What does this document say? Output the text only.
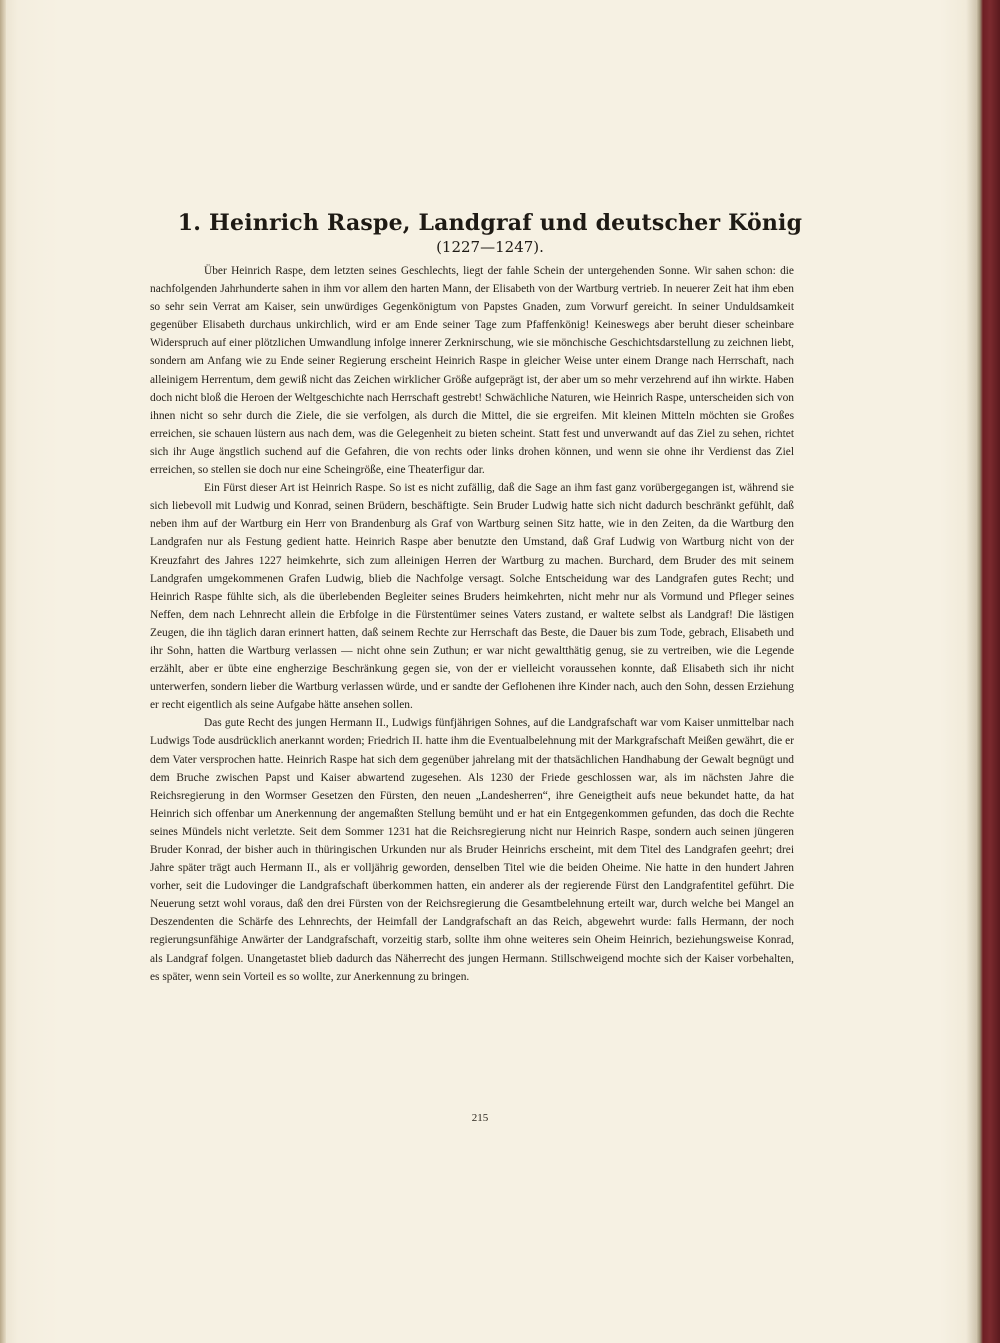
1. Heinrich Raspe, Landgraf und deutscher König
(1227—1247).

Über Heinrich Raspe, dem letzten seines Geschlechts, liegt der fahle Schein der untergehenden Sonne. Wir sahen schon: die nachfolgenden Jahrhunderte sahen in ihm vor allem den harten Mann, der Elisabeth von der Wartburg vertrieb. In neuerer Zeit hat ihm eben so sehr sein Verrat am Kaiser, sein unwürdiges Gegenkönigtum von Papstes Gnaden, zum Vorwurf gereicht. In seiner Unduldsamkeit gegenüber Elisabeth durchaus unkirchlich, wird er am Ende seiner Tage zum Pfaffenkönig! Keineswegs aber beruht dieser scheinbare Widerspruch auf einer plötzlichen Umwandlung infolge innerer Zerknirschung, wie sie mönchische Geschichtsdarstellung zu zeichnen liebt, sondern am Anfang wie zu Ende seiner Regierung erscheint Heinrich Raspe in gleicher Weise unter einem Drange nach Herrschaft, nach alleinigem Herrentum, dem gewiß nicht das Zeichen wirklicher Größe aufgeprägt ist, der aber um so mehr verzehrend auf ihn wirkte. Haben doch nicht bloß die Heroen der Weltgeschichte nach Herrschaft gestrebt! Schwächliche Naturen, wie Heinrich Raspe, unterscheiden sich von ihnen nicht so sehr durch die Ziele, die sie verfolgen, als durch die Mittel, die sie ergreifen. Mit kleinen Mitteln möchten sie Großes erreichen, sie schauen lüstern aus nach dem, was die Gelegenheit zu bieten scheint. Statt fest und unverwandt auf das Ziel zu sehen, richtet sich ihr Auge ängstlich suchend auf die Gefahren, die von rechts oder links drohen können, und wenn sie ohne ihr Verdienst das Ziel erreichen, so stellen sie doch nur eine Scheingröße, eine Theaterfigur dar.

Ein Fürst dieser Art ist Heinrich Raspe. So ist es nicht zufällig, daß die Sage an ihm fast ganz vorübergegangen ist, während sie sich liebevoll mit Ludwig und Konrad, seinen Brüdern, beschäftigte. Sein Bruder Ludwig hatte sich nicht dadurch beschränkt gefühlt, daß neben ihm auf der Wartburg ein Herr von Brandenburg als Graf von Wartburg seinen Sitz hatte, wie in den Zeiten, da die Wartburg den Landgrafen nur als Festung gedient hatte. Heinrich Raspe aber benutzte den Umstand, daß Graf Ludwig von Wartburg nicht von der Kreuzfahrt des Jahres 1227 heimkehrte, sich zum alleinigen Herren der Wartburg zu machen. Burchard, dem Bruder des mit seinem Landgrafen umgekommenen Grafen Ludwig, blieb die Nachfolge versagt. Solche Entscheidung war des Landgrafen gutes Recht; und Heinrich Raspe fühlte sich, als die überlebenden Begleiter seines Bruders heimkehrten, nicht mehr nur als Vormund und Pfleger seines Neffen, dem nach Lehnrecht allein die Erbfolge in die Fürstentümer seines Vaters zustand, er waltete selbst als Landgraf! Die lästigen Zeugen, die ihn täglich daran erinnert hatten, daß seinem Rechte zur Herrschaft das Beste, die Dauer bis zum Tode, gebrach, Elisabeth und ihr Sohn, hatten die Wartburg verlassen — nicht ohne sein Zuthun; er war nicht gewaltthätig genug, sie zu vertreiben, wie die Legende erzählt, aber er übte eine engherzige Beschränkung gegen sie, von der er vielleicht voraussehen konnte, daß Elisabeth sich ihr nicht unterwerfen, sondern lieber die Wartburg verlassen würde, und er sandte der Geflohenen ihre Kinder nach, auch den Sohn, dessen Erziehung er recht eigentlich als seine Aufgabe hätte ansehen sollen.

Das gute Recht des jungen Hermann II., Ludwigs fünfjährigen Sohnes, auf die Landgrafschaft war vom Kaiser unmittelbar nach Ludwigs Tode ausdrücklich anerkannt worden; Friedrich II. hatte ihm die Eventualbelehnung mit der Markgrafschaft Meißen gewährt, die er dem Vater versprochen hatte. Heinrich Raspe hat sich dem gegenüber jahrelang mit der thatsächlichen Handhabung der Gewalt begnügt und dem Bruche zwischen Papst und Kaiser abwartend zugesehen. Als 1230 der Friede geschlossen war, als im nächsten Jahre die Reichsregierung in den Wormser Gesetzen den Fürsten, den neuen „Landesherren“, ihre Geneigtheit aufs neue bekundet hatte, da hat Heinrich sich offenbar um Anerkennung der angemaßten Stellung bemüht und er hat ein Entgegenkommen gefunden, das doch die Rechte seines Mündels nicht verletzte. Seit dem Sommer 1231 hat die Reichsregierung nicht nur Heinrich Raspe, sondern auch seinen jüngeren Bruder Konrad, der bisher auch in thüringischen Urkunden nur als Bruder Heinrichs erscheint, mit dem Titel des Landgrafen geehrt; drei Jahre später trägt auch Hermann II., als er volljährig geworden, denselben Titel wie die beiden Oheime. Nie hatte in den hundert Jahren vorher, seit die Ludovinger die Landgrafschaft überkommen hatten, ein anderer als der regierende Fürst den Landgrafentitel geführt. Die Neuerung setzt wohl voraus, daß den drei Fürsten von der Reichsregierung die Gesamtbelehnung erteilt war, durch welche bei Mangel an Deszendenten die Schärfe des Lehnrechts, der Heimfall der Landgrafschaft an das Reich, abgewehrt wurde: falls Hermann, der noch regierungsunfähige Anwärter der Landgrafschaft, vorzeitig starb, sollte ihm ohne weiteres sein Oheim Heinrich, beziehungsweise Konrad, als Landgraf folgen. Unangetastet blieb dadurch das Näherrecht des jungen Hermann. Stillschweigend mochte sich der Kaiser vorbehalten, es später, wenn sein Vorteil es so wollte, zur Anerkennung zu bringen.

215
